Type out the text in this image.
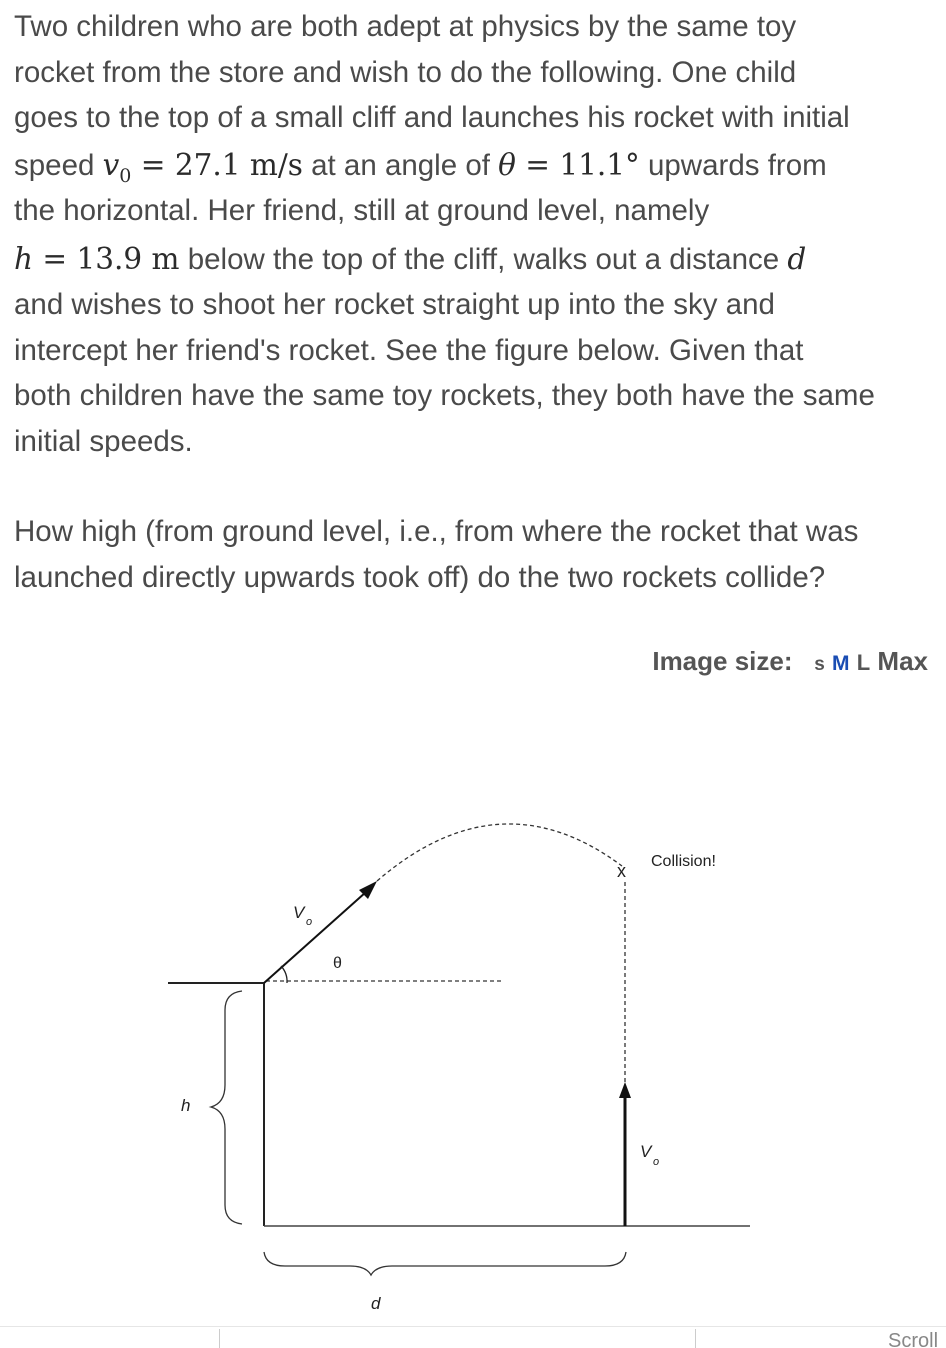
Two children who are both adept at physics by the same toy
rocket from the store and wish to do the following. One child
goes to the top of a small cliff and launches his rocket with initial
speed $v_0 = 27.1$ m/s at an angle of θ = 11.1° upwards from
the horizontal. Her friend, still at ground level, namely
h = 13.9 m below the top of the cliff, walks out a distance d
and wishes to shoot her rocket straight up into the sky and
intercept her friend's rocket. See the figure below. Given that
both children have the same toy rockets, they both have the same
initial speeds.
How high (from ground level, i.e., from where the rocket that was
launched directly upwards took off) do the two rockets collide?
Image size: s M L Max
x Collision!
V o
θ
V
o
h
d
Scroll
